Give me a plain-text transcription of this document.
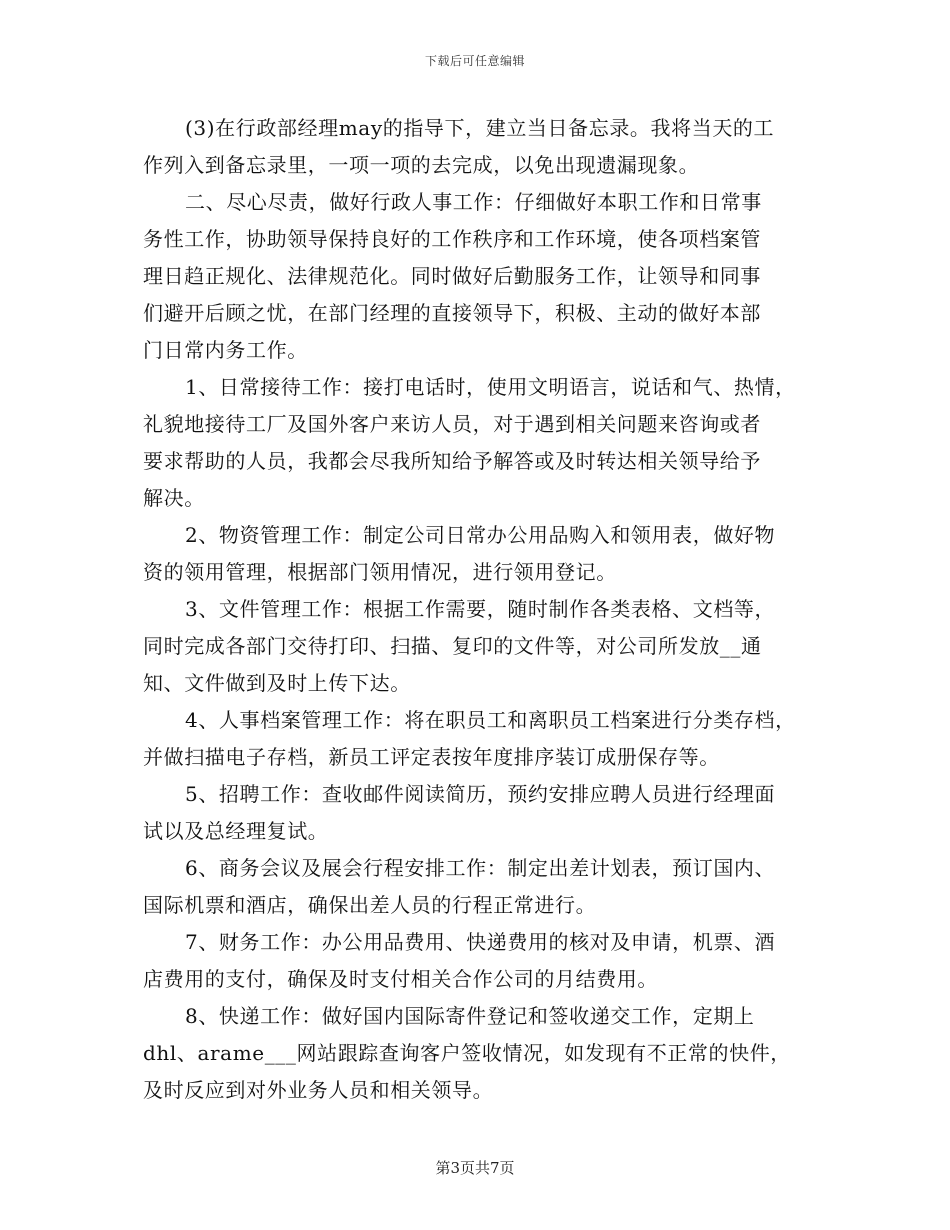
下载后可任意编辑
(3)在行政部经理may的指导下，建立当日备忘录。我将当天的工
作列入到备忘录里，一项一项的去完成，以免出现遗漏现象。
二、尽心尽责，做好行政人事工作：仔细做好本职工作和日常事
务性工作，协助领导保持良好的工作秩序和工作环境，使各项档案管
理日趋正规化、法律规范化。同时做好后勤服务工作，让领导和同事
们避开后顾之忧，在部门经理的直接领导下，积极、主动的做好本部
门日常内务工作。
1、日常接待工作：接打电话时，使用文明语言，说话和气、热情，
礼貌地接待工厂及国外客户来访人员，对于遇到相关问题来咨询或者
要求帮助的人员，我都会尽我所知给予解答或及时转达相关领导给予
解决。
2、物资管理工作：制定公司日常办公用品购入和领用表，做好物
资的领用管理，根据部门领用情况，进行领用登记。
3、文件管理工作：根据工作需要，随时制作各类表格、文档等，
同时完成各部门交待打印、扫描、复印的文件等，对公司所发放__通
知、文件做到及时上传下达。
4、人事档案管理工作：将在职员工和离职员工档案进行分类存档，
并做扫描电子存档，新员工评定表按年度排序装订成册保存等。
5、招聘工作：查收邮件阅读简历，预约安排应聘人员进行经理面
试以及总经理复试。
6、商务会议及展会行程安排工作：制定出差计划表，预订国内、
国际机票和酒店，确保出差人员的行程正常进行。
7、财务工作：办公用品费用、快递费用的核对及申请，机票、酒
店费用的支付，确保及时支付相关合作公司的月结费用。
8、快递工作：做好国内国际寄件登记和签收递交工作，定期上
dhl、arame___网站跟踪查询客户签收情况，如发现有不正常的快件，
及时反应到对外业务人员和相关领导。
第3页共7页
